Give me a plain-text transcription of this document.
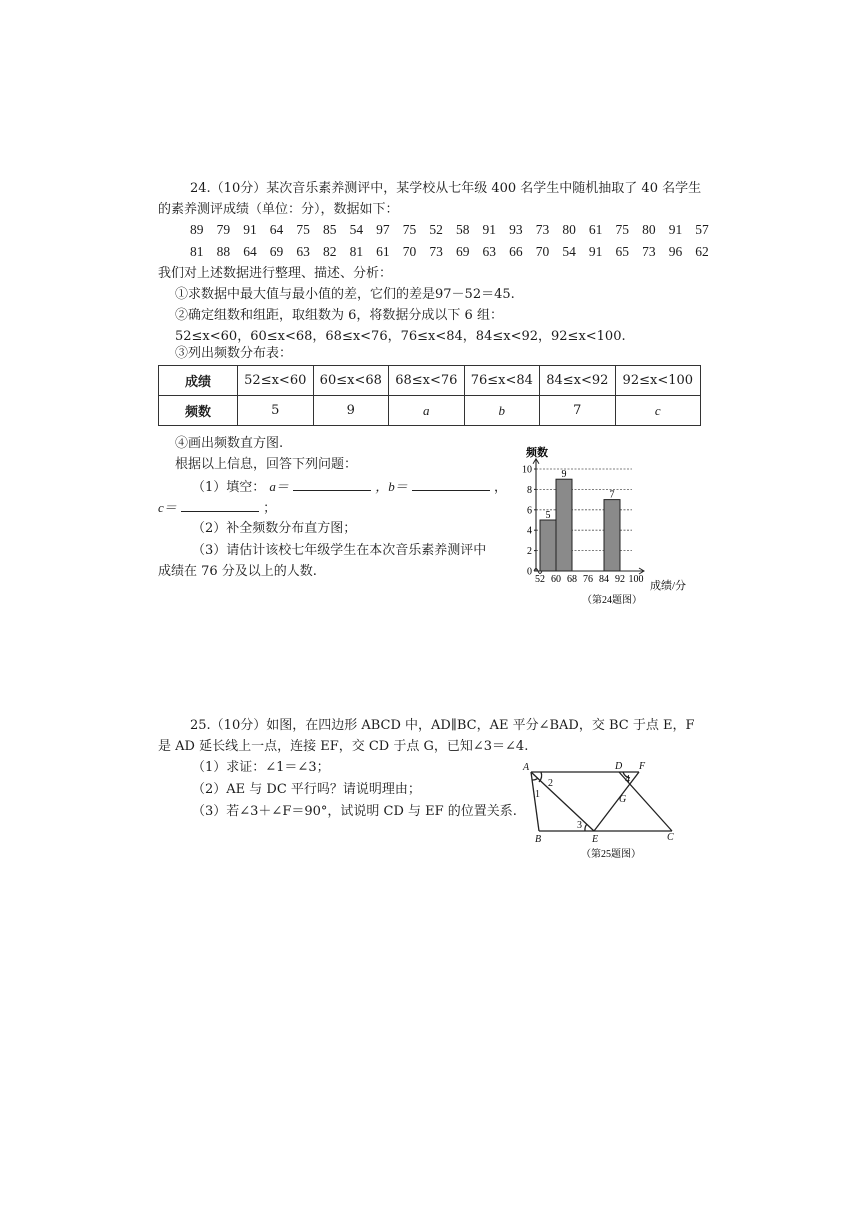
24.（10分）某次音乐素养测评中，某学校从七年级 400 名学生中随机抽取了 40 名学生
的素养测评成绩（单位：分），数据如下：
89 79 91 64 75 85 54 97 75 52 58 91 93 73 80 61 75 80 91 57
81 88 64 69 63 82 81 61 70 73 69 63 66 70 54 91 65 73 96 62
我们对上述数据进行整理、描述、分析：
①求数据中最大值与最小值的差，它们的差是97－52＝45.
②确定组数和组距，取组数为 6，将数据分成以下 6 组：
52≤x<60，60≤x<68，68≤x<76，76≤x<84，84≤x<92，92≤x<100.
③列出频数分布表：
成绩	52≤x<60	60≤x<68	68≤x<76	76≤x<84	84≤x<92	92≤x<100
频数	5	9	a	b	7	c
④画出频数直方图.
根据以上信息，回答下列问题：
（1）填空： a＝	，b＝	，
c＝	；
（2）补全频数分布直方图；
（3）请估计该校七年级学生在本次音乐素养测评中
成绩在 76 分及以上的人数.	0
2
4
6
8
10
5
9
7
52 60 68 76 84 92 100
频数
成绩/分
（第24题图）
25.（10分）如图，在四边形 ABCD 中，AD∥BC，AE 平分∠BAD，交 BC 于点 E，F
是 AD 延长线上一点，连接 EF，交 CD 于点 G，已知∠3＝∠4.
（1）求证：∠1＝∠3；
（2）AE 与 DC 平行吗？请说明理由；
（3）若∠3＋∠F＝90°，试说明 CD 与 EF 的位置关系.
A
B	C
D
E
F
G
1
2
3
4
（第25题图）
